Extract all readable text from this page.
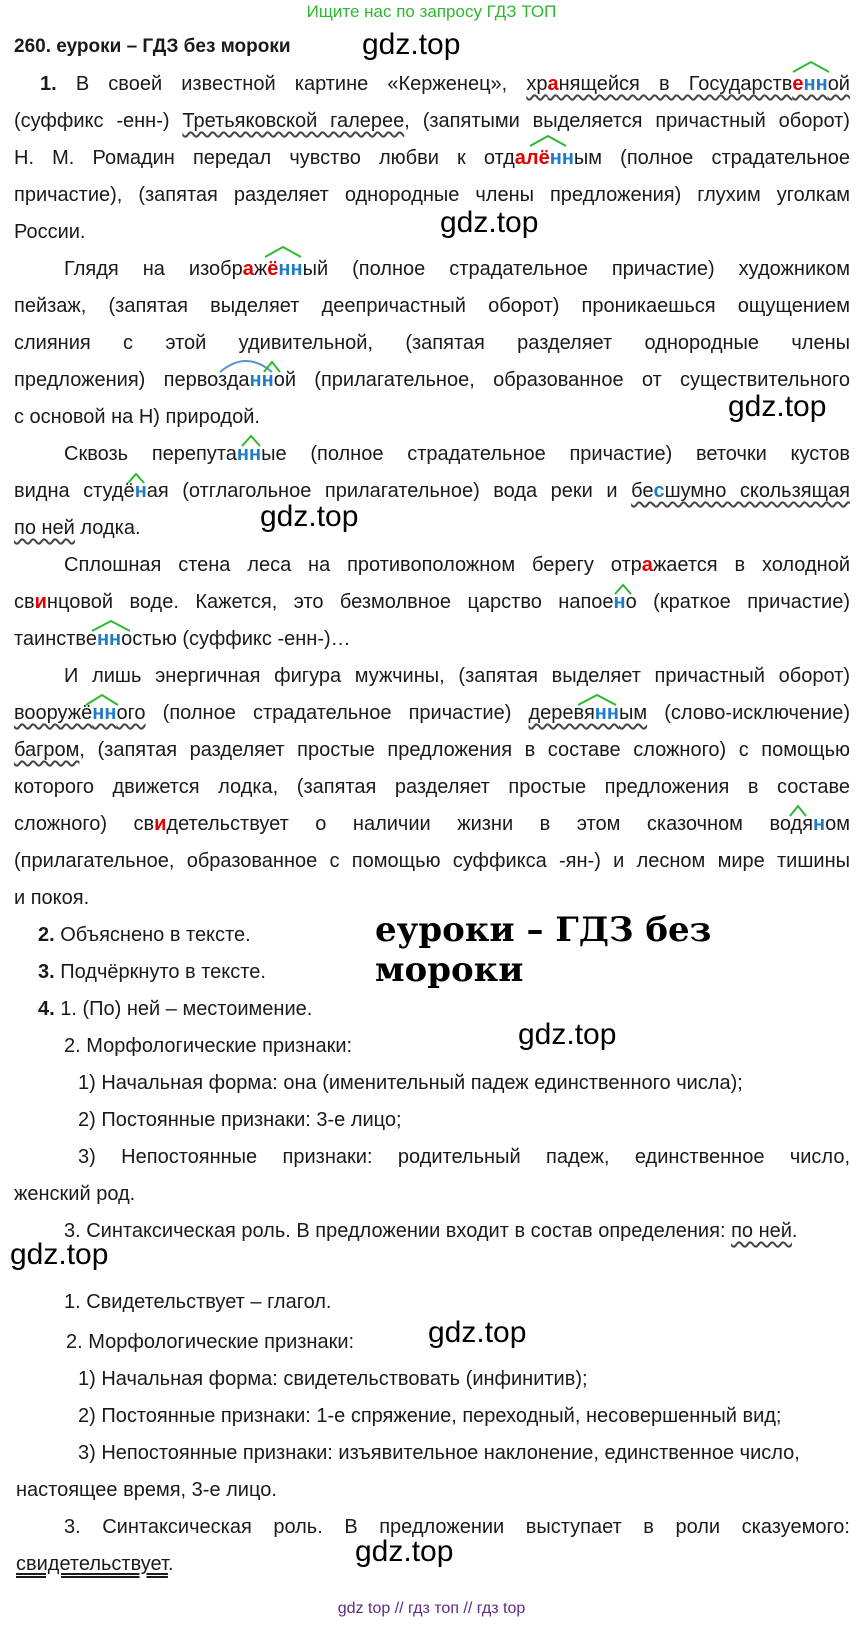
Ищите нас по запросу ГДЗ ТОП
260. еуроки – ГДЗ без мороки gdz.top
gdz.top
gdz.top
gdz.top
еуроки – ГДЗ без мороки
gdz.top
gdz.top
gdz.top
gdz.top
1. В своей известной картине «Керженец», хранящейся в Государственной
(суффикс -енн-) Третьяковской галерее, (запятыми выделяется причастный оборот)
Н. М. Ромадин передал чувство любви к отдалённым (полное страдательное
причастие), (запятая разделяет однородные члены предложения) глухим уголкам
России.
Глядя на изображённый (полное страдательное причастие) художником
пейзаж, (запятая выделяет деепричастный оборот) проникаешься ощущением
слияния с этой удивительной, (запятая разделяет однородные члены
предложения) первозданной (прилагательное, образованное от существительного
с основой на Н) природой.
Сквозь перепутанные (полное страдательное причастие) веточки кустов
видна студёная (отглагольное прилагательное) вода реки и бесшумно скользящая
по ней лодка.
Сплошная стена леса на противоположном берегу отражается в холодной
свинцовой воде. Кажется, это безмолвное царство напоено (краткое причастие)
таинственностью (суффикс -енн-)…
И лишь энергичная фигура мужчины, (запятая выделяет причастный оборот)
вооружённого (полное страдательное причастие) деревянным (слово-исключение)
багром, (запятая разделяет простые предложения в составе сложного) с помощью
которого движется лодка, (запятая разделяет простые предложения в составе
сложного) свидетельствует о наличии жизни в этом сказочном водяном
(прилагательное, образованное с помощью суффикса -ян-) и лесном мире тишины
и покоя.
2. Объяснено в тексте.
3. Подчёркнуто в тексте.
4. 1. (По) ней – местоимение.
2. Морфологические признаки:
1) Начальная форма: она (именительный падеж единственного числа);
2) Постоянные признаки: 3-е лицо;
3) Непостоянные признаки: родительный падеж, единственное число,
женский род.
3. Синтаксическая роль. В предложении входит в состав определения: по ней.
1. Свидетельствует – глагол.
2. Морфологические признаки:
1) Начальная форма: свидетельствовать (инфинитив);
2) Постоянные признаки: 1-е спряжение, переходный, несовершенный вид;
3) Непостоянные признаки: изъявительное наклонение, единственное число,
настоящее время, 3-е лицо.
3. Синтаксическая роль. В предложении выступает в роли сказуемого:
свидетельствует.
gdz top // гдз топ // гдз top
